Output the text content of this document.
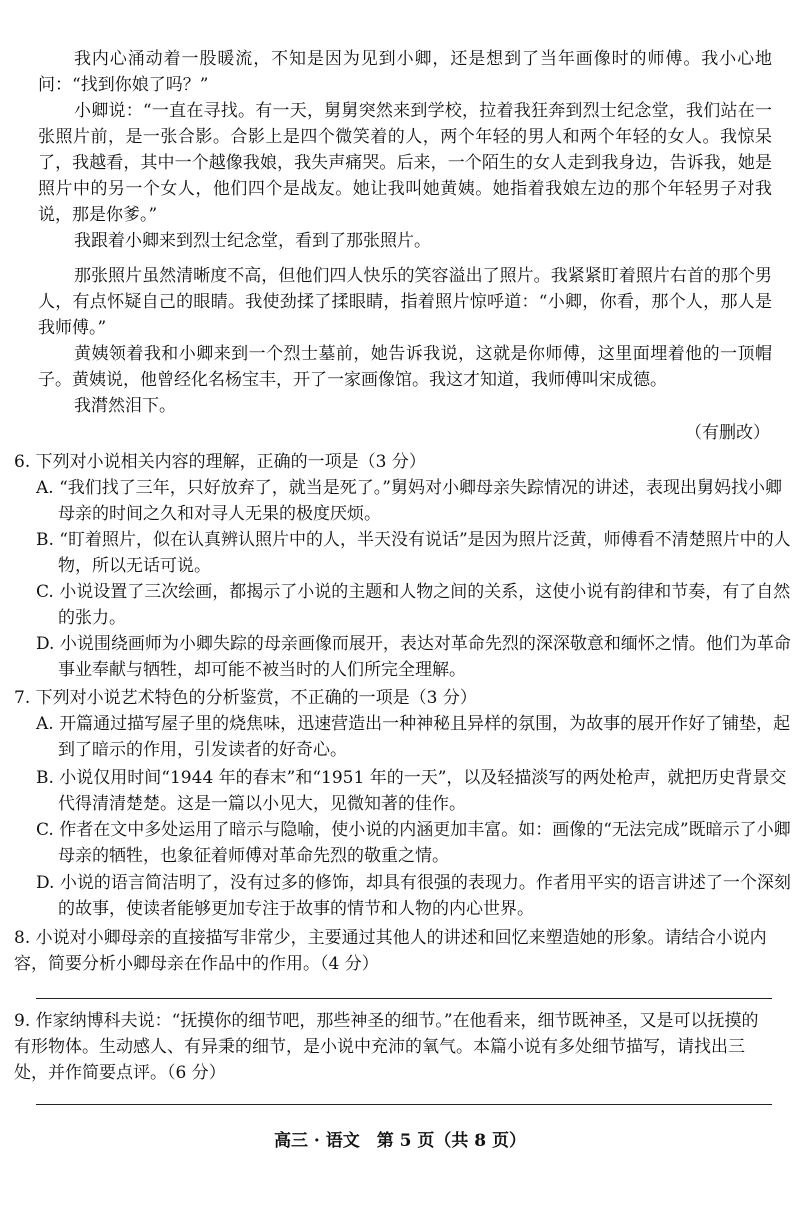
我内心涌动着一股暖流，不知是因为见到小卿，还是想到了当年画像时的师傅。我小心地问：“找到你娘了吗？”

小卿说：“一直在寻找。有一天，舅舅突然来到学校，拉着我狂奔到烈士纪念堂，我们站在一张照片前，是一张合影。合影上是四个微笑着的人，两个年轻的男人和两个年轻的女人。我惊呆了，我越看，其中一个越像我娘，我失声痛哭。后来，一个陌生的女人走到我身边，告诉我，她是照片中的另一个女人，他们四个是战友。她让我叫她黄姨。她指着我娘左边的那个年轻男子对我说，那是你爹。”

我跟着小卿来到烈士纪念堂，看到了那张照片。

那张照片虽然清晰度不高，但他们四人快乐的笑容溢出了照片。我紧紧盯着照片右首的那个男人，有点怀疑自己的眼睛。我使劲揉了揉眼睛，指着照片惊呼道：“小卿，你看，那个人，那人是我师傅。”

黄姨领着我和小卿来到一个烈士墓前，她告诉我说，这就是你师傅，这里面埋着他的一顶帽子。黄姨说，他曾经化名杨宝丰，开了一家画像馆。我这才知道，我师傅叫宋成德。

我潸然泪下。

（有删改）

6. 下列对小说相关内容的理解，正确的一项是（3 分）

A. “我们找了三年，只好放弃了，就当是死了。”舅妈对小卿母亲失踪情况的讲述，表现出舅妈找小卿母亲的时间之久和对寻人无果的极度厌烦。

B. “盯着照片，似在认真辨认照片中的人，半天没有说话”是因为照片泛黄，师傅看不清楚照片中的人物，所以无话可说。

C. 小说设置了三次绘画，都揭示了小说的主题和人物之间的关系，这使小说有韵律和节奏，有了自然的张力。

D. 小说围绕画师为小卿失踪的母亲画像而展开，表达对革命先烈的深深敬意和缅怀之情。他们为革命事业奉献与牺牲，却可能不被当时的人们所完全理解。

7. 下列对小说艺术特色的分析鉴赏，不正确的一项是（3 分）

A. 开篇通过描写屋子里的烧焦味，迅速营造出一种神秘且异样的氛围，为故事的展开作好了铺垫，起到了暗示的作用，引发读者的好奇心。

B. 小说仅用时间“1944 年的春末”和“1951 年的一天”，以及轻描淡写的两处枪声，就把历史背景交代得清清楚楚。这是一篇以小见大，见微知著的佳作。

C. 作者在文中多处运用了暗示与隐喻，使小说的内涵更加丰富。如：画像的“无法完成”既暗示了小卿母亲的牺牲，也象征着师傅对革命先烈的敬重之情。

D. 小说的语言简洁明了，没有过多的修饰，却具有很强的表现力。作者用平实的语言讲述了一个深刻的故事，使读者能够更加专注于故事的情节和人物的内心世界。

8. 小说对小卿母亲的直接描写非常少，主要通过其他人的讲述和回忆来塑造她的形象。请结合小说内容，简要分析小卿母亲在作品中的作用。（4 分）

9. 作家纳博科夫说：“抚摸你的细节吧，那些神圣的细节。”在他看来，细节既神圣，又是可以抚摸的有形物体。生动感人、有异秉的细节，是小说中充沛的氧气。本篇小说有多处细节描写，请找出三处，并作简要点评。（6 分）

高三 · 语文　第 5 页（共 8 页）
